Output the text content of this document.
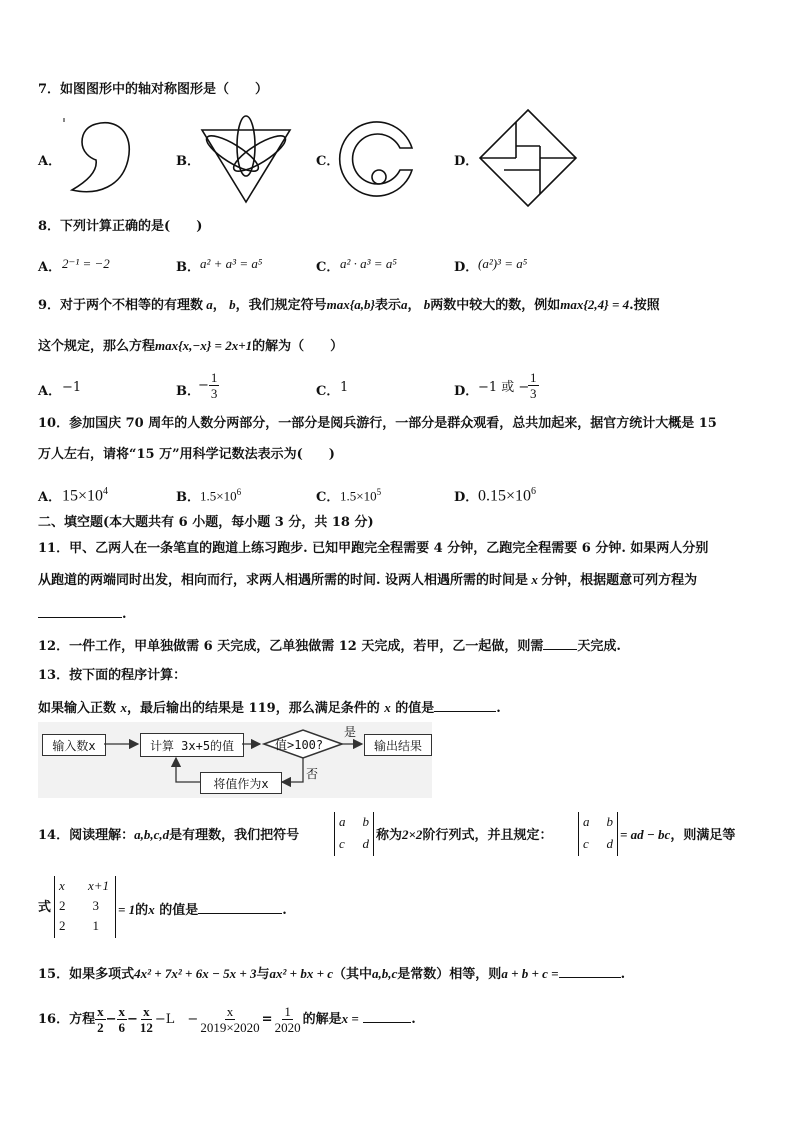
7．如图图形中的轴对称图形是（　　）
A．	B．	C．	D．
8．下列计算正确的是(　　)
A． 2⁻¹ = −2	B． a² + a³ = a⁵	C． a² · a³ = a⁵	D． (a²)³ = a⁵
9．对于两个不相等的有理数 a， b，我们规定符号max{a,b}表示a， b两数中较大的数，例如max{2,4} = 4.按照
这个规定，那么方程max{x,−x} = 2x+1的解为（　　）
A． −1	B．
− $\frac{1}{3}$	C． 1	D． −1 或 −
$\frac{1}{3}$
10．参加国庆 70 周年的人数分两部分，一部分是阅兵游行，一部分是群众观看，总共加起来，据官方统计大概是 15
万人左右，请将“15 万”用科学记数法表示为(　　)
A． $15\times 10^4$	B． $1.5\times 10^6$	C． $1.5\times 10^5$	D． $0.15\times 10^6$
二、填空题(本大题共有 6 小题，每小题 3 分，共 18 分)
11．甲、乙两人在一条笔直的跑道上练习跑步. 已知甲跑完全程需要 4 分钟，乙跑完全程需要 6 分钟. 如果两人分别
从跑道的两端同时出发，相向而行，求两人相遇所需的时间. 设两人相遇所需的时间是 x 分钟，根据题意可列方程为
.
12．一件工作，甲单独做需 6 天完成，乙单独做需 12 天完成，若甲，乙一起做，则需	天完成.
13．按下面的程序计算：
如果输入正数 x，最后输出的结果是 119，那么满足条件的 x 的值是	.
输入数x	计算 3x+5的值	值>100?	输出结果
将值作为x
是
否
14．阅读理解：a,b,c,d是有理数，我们把符号
a b
c d
称为2×2阶行列式，并且规定：
a b
c d
= ad − bc，则满足等
式
x x+1
2 3
2 1
= 1的x 的值是	.
15．如果多项式4x² + 7x² + 6x − 5x + 3与ax² + bx + c（其中a,b,c是常数）相等，则a + b + c =	.
16．方程 $\frac{x}{2} - \frac{x}{6} - \frac{x}{12} -L$　− $\frac{x}{2019\times 2020} = \frac{1}{2020}$ 的解是x =	.
